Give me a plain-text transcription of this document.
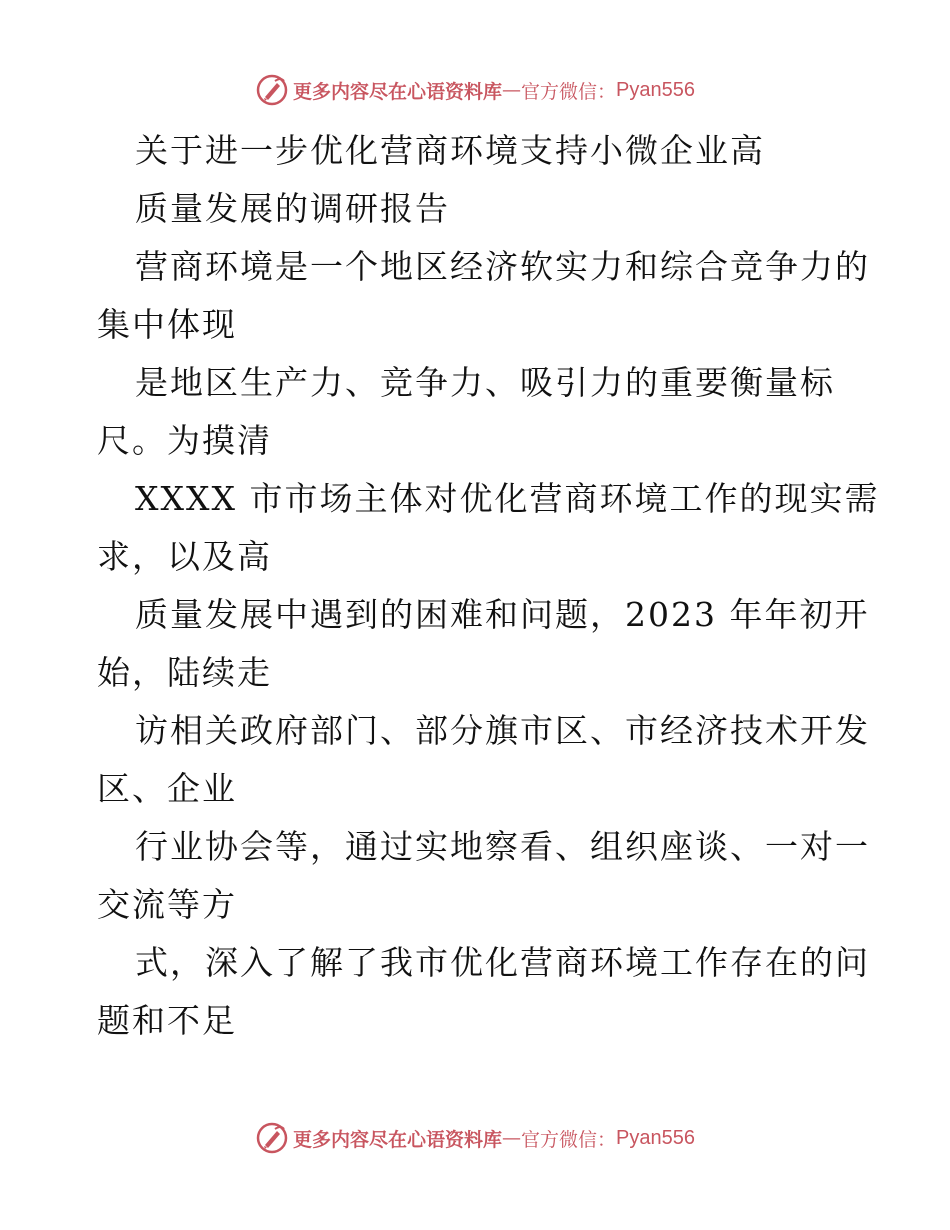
更多内容尽在心语资料库 — 官方微信： Pyan556
关于进一步优化营商环境支持小微企业高
质量发展的调研报告
营商环境是一个地区经济软实力和综合竞争力的
集中体现
是地区生产力、竞争力、吸引力的重要衡量标
尺。为摸清
XXXX 市市场主体对优化营商环境工作的现实需
求，以及高
质量发展中遇到的困难和问题，2023 年年初开
始，陆续走
访相关政府部门、部分旗市区、市经济技术开发
区、企业
行业协会等，通过实地察看、组织座谈、一对一
交流等方
式，深入了解了我市优化营商环境工作存在的问
题和不足
更多内容尽在心语资料库 — 官方微信： Pyan556
